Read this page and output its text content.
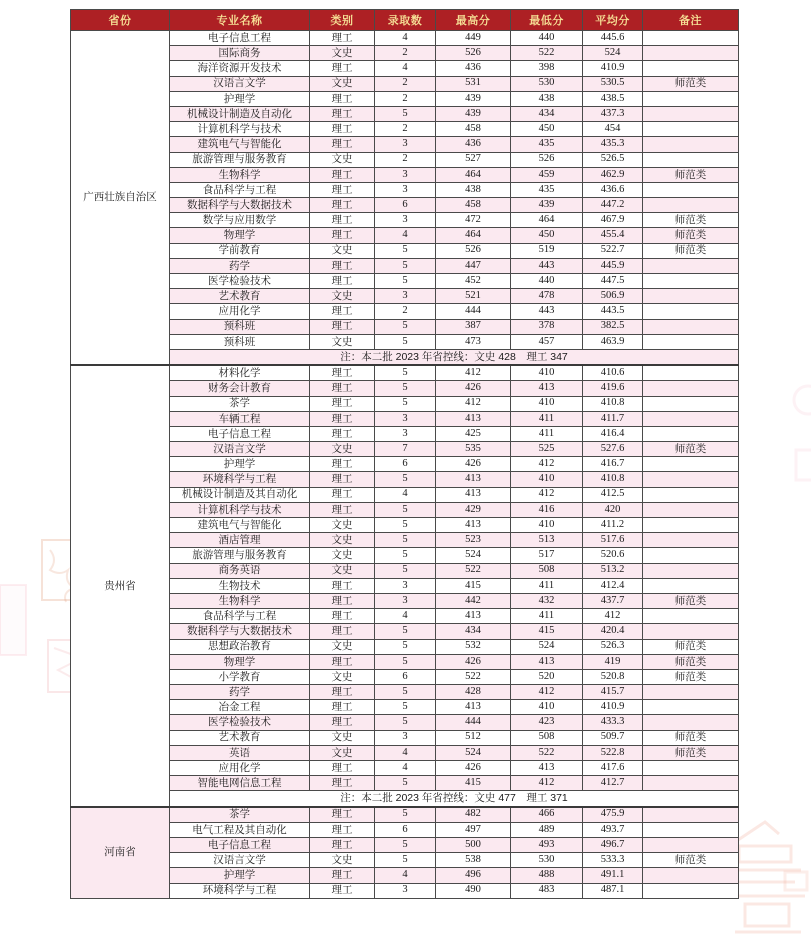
省份	专业名称	类别	录取数	最高分	最低分	平均分	备注
广西壮族自治区	电子信息工程	理工	4	449	440	445.6	
	国际商务	文史	2	526	522	524	
	海洋资源开发技术	理工	4	436	398	410.9	
	汉语言文学	文史	2	531	530	530.5	师范类
	护理学	理工	2	439	438	438.5	
	机械设计制造及自动化	理工	5	439	434	437.3	
	计算机科学与技术	理工	2	458	450	454	
	建筑电气与智能化	理工	3	436	435	435.3	
	旅游管理与服务教育	文史	2	527	526	526.5	
	生物科学	理工	3	464	459	462.9	师范类
	食品科学与工程	理工	3	438	435	436.6	
	数据科学与大数据技术	理工	6	458	439	447.2	
	数学与应用数学	理工	3	472	464	467.9	师范类
	物理学	理工	4	464	450	455.4	师范类
	学前教育	文史	5	526	519	522.7	师范类
	药学	理工	5	447	443	445.9	
	医学检验技术	理工	5	452	440	447.5	
	艺术教育	文史	3	521	478	506.9	
	应用化学	理工	2	444	443	443.5	
	预科班	理工	5	387	378	382.5	
	预科班	文史	5	473	457	463.9	
	注：本二批 2023 年省控线：文史 428　理工 347						
贵州省	材料化学	理工	5	412	410	410.6	
	财务会计教育	理工	5	426	413	419.6	
	茶学	理工	5	412	410	410.8	
	车辆工程	理工	3	413	411	411.7	
	电子信息工程	理工	3	425	411	416.4	
	汉语言文学	文史	7	535	525	527.6	师范类
	护理学	理工	6	426	412	416.7	
	环境科学与工程	理工	5	413	410	410.8	
	机械设计制造及其自动化	理工	4	413	412	412.5	
	计算机科学与技术	理工	5	429	416	420	
	建筑电气与智能化	文史	5	413	410	411.2	
	酒店管理	文史	5	523	513	517.6	
	旅游管理与服务教育	文史	5	524	517	520.6	
	商务英语	文史	5	522	508	513.2	
	生物技术	理工	3	415	411	412.4	
	生物科学	理工	3	442	432	437.7	师范类
	食品科学与工程	理工	4	413	411	412	
	数据科学与大数据技术	理工	5	434	415	420.4	
	思想政治教育	文史	5	532	524	526.3	师范类
	物理学	理工	5	426	413	419	师范类
	小学教育	文史	6	522	520	520.8	师范类
	药学	理工	5	428	412	415.7	
	冶金工程	理工	5	413	410	410.9	
	医学检验技术	理工	5	444	423	433.3	
	艺术教育	文史	3	512	508	509.7	师范类
	英语	文史	4	524	522	522.8	师范类
	应用化学	理工	4	426	413	417.6	
	智能电网信息工程	理工	5	415	412	412.7	
	注：本二批 2023 年省控线：文史 477　理工 371						
河南省	茶学	理工	5	482	466	475.9	
	电气工程及其自动化	理工	6	497	489	493.7	
	电子信息工程	理工	5	500	493	496.7	
	汉语言文学	文史	5	538	530	533.3	师范类
	护理学	理工	4	496	488	491.1	
	环境科学与工程	理工	3	490	483	487.1	
